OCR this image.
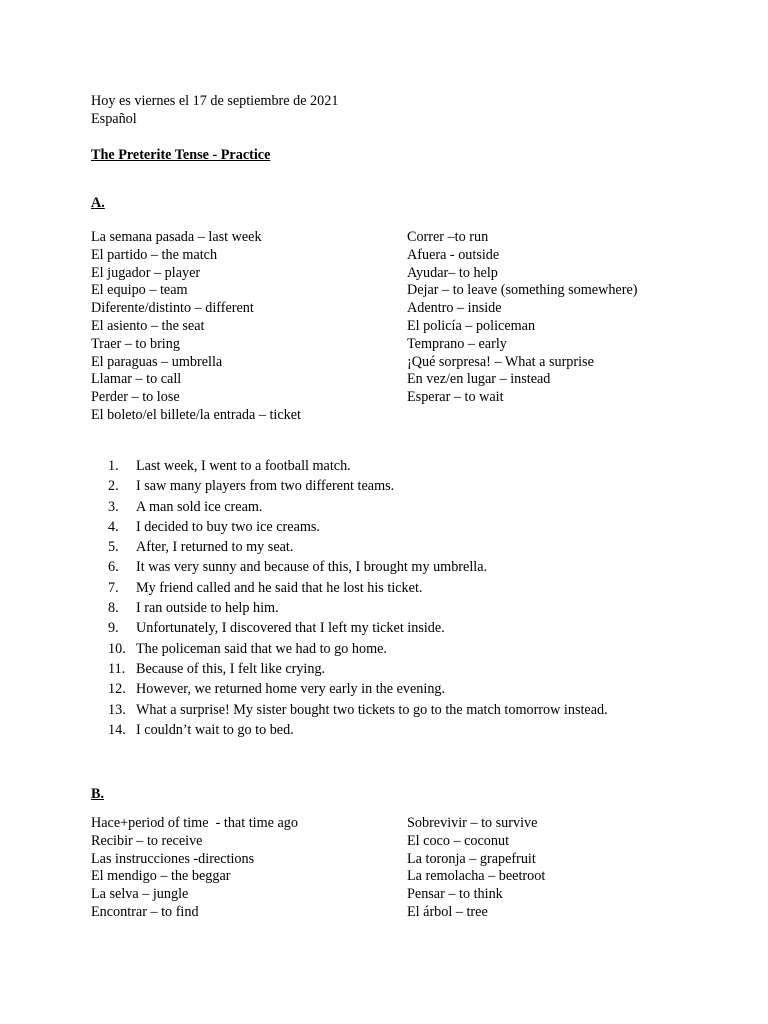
Hoy es viernes el 17 de septiembre de 2021
Español
The Preterite Tense - Practice
A.
La semana pasada – last week
El partido – the match
El jugador – player
El equipo – team
Diferente/distinto – different
El asiento – the seat
Traer – to bring
El paraguas – umbrella
Llamar – to call
Perder – to lose
El boleto/el billete/la entrada – ticket
Correr –to run
Afuera - outside
Ayudar– to help
Dejar – to leave (something somewhere)
Adentro – inside
El policía – policeman
Temprano – early
¡Qué sorpresa! – What a surprise
En vez/en lugar – instead
Esperar – to wait
1. Last week, I went to a football match.
2. I saw many players from two different teams.
3. A man sold ice cream.
4. I decided to buy two ice creams.
5. After, I returned to my seat.
6. It was very sunny and because of this, I brought my umbrella.
7. My friend called and he said that he lost his ticket.
8. I ran outside to help him.
9. Unfortunately, I discovered that I left my ticket inside.
10. The policeman said that we had to go home.
11. Because of this, I felt like crying.
12. However, we returned home very early in the evening.
13. What a surprise! My sister bought two tickets to go to the match tomorrow instead.
14. I couldn’t wait to go to bed.
B.
Hace+period of time  - that time ago
Recibir – to receive
Las instrucciones -directions
El mendigo – the beggar
La selva – jungle
Encontrar – to find
Sobrevivir – to survive
El coco – coconut
La toronja – grapefruit
La remolacha – beetroot
Pensar – to think
El árbol – tree
